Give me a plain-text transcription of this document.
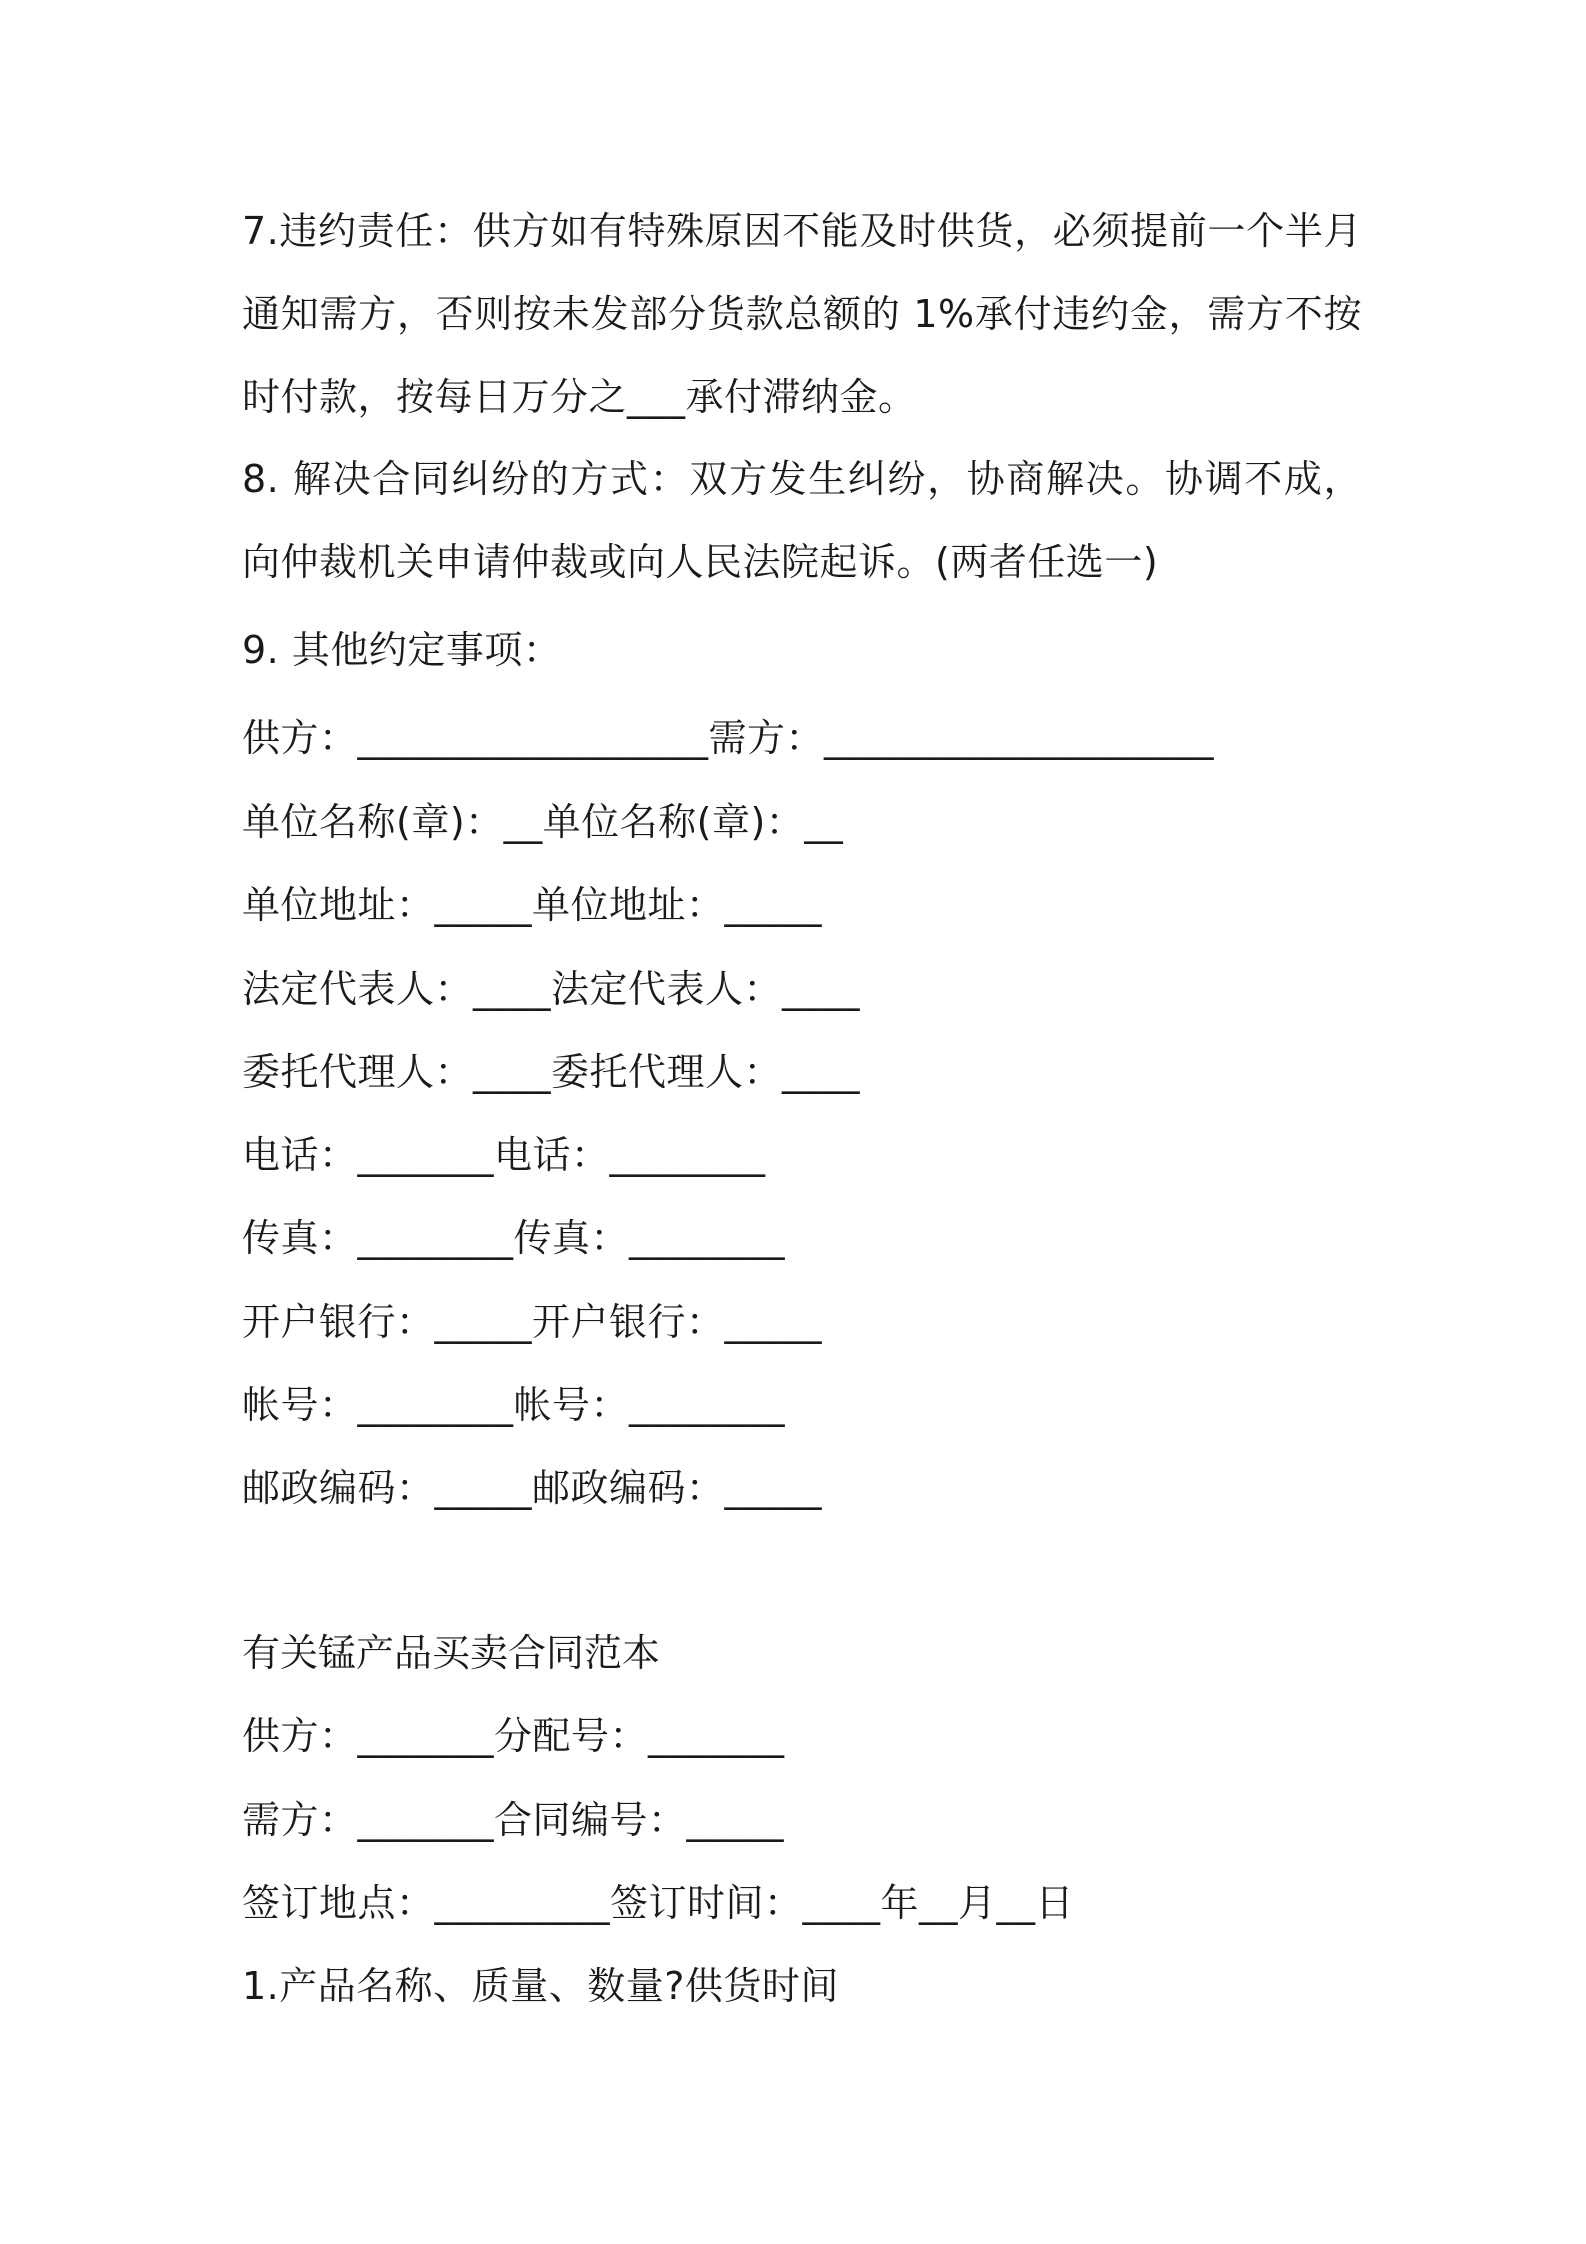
7.违约责任：供方如有特殊原因不能及时供货，必须提前一个半月通知需方，否则按未发部分货款总额的 1%承付违约金，需方不按时付款，按每日万分之___承付滞纳金。
8. 解决合同纠纷的方式：双方发生纠纷，协商解决。协调不成，向仲裁机关申请仲裁或向人民法院起诉。(两者任选一)
9. 其他约定事项：
供方：__________________需方：____________________
单位名称(章)：__单位名称(章)：__
单位地址：_____单位地址：_____
法定代表人：____法定代表人：____
委托代理人：____委托代理人：____
电话：_______电话：________
传真：________传真：________
开户银行：_____开户银行：_____
帐号：________帐号：________
邮政编码：_____邮政编码：_____
有关锰产品买卖合同范本
供方：_______分配号：_______
需方：_______合同编号：_____
签订地点：_________签订时间：____年__月__日
1.产品名称、质量、数量?供货时间
